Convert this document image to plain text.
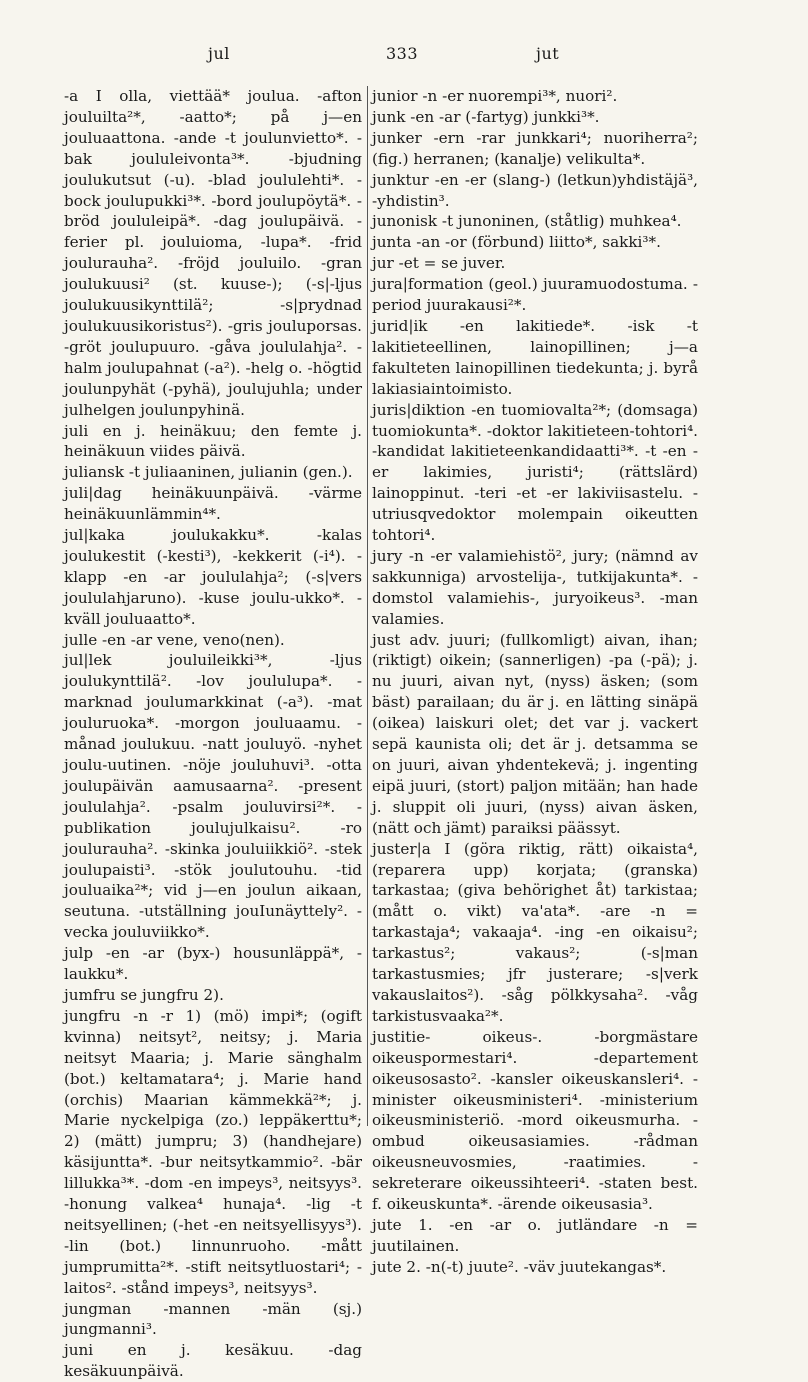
jul	333	jut

-a I olla, viettää* joulua. -afton jouluilta²*, -aatto*; på j—en jouluaattona. -ande -t joulunvietto*. -bak joululeivonta³*. -bjudning joulukutsut (-u). -blad joululehti*. -bock joulupukki³*. -bord joulupöytä*. -bröd joululeipä*. -dag joulupäivä. -ferier pl. jouluioma, -lupa*. -frid joulurauha². -fröjd jouluilo. -gran joulukuusi² (st. kuuse-); (-s|-ljus joulukuusikynttilä²; -s|prydnad joulukuusikoristus²). -gris jouluporsas. -gröt joulupuuro. -gåva joululahja². -halm joulupahnat (-a²). -helg o. -högtid joulunpyhät (-pyhä), joulujuhla; under julhelgen joulunpyhinä.

juli en j. heinäkuu; den femte j. heinäkuun viides päivä.

juliansk -t juliaaninen, julianin (gen.).

juli|dag heinäkuunpäivä. -värme heinäkuunlämmin⁴*.

jul|kaka joulukakku*. -kalas joulukestit (-kesti³), -kekkerit (-i⁴). -klapp -en -ar joululahja²; (-s|vers joululahjaruno). -kuse joulu-ukko*. -kväll jouluaatto*.

julle -en -ar vene, veno(nen).

jul|lek jouluileikki³*, -ljus joulukynttilä². -lov joululupa*. -marknad joulumarkkinat (-a³). -mat jouluruoka*. -morgon jouluaamu. -månad joulukuu. -natt jouluyö. -nyhet joulu-uutinen. -nöje jouluhuvi³. -otta joulupäivän aamusaarna². -present joululahja². -psalm jouluvirsi²*. -publikation joulujulkaisu². -ro joulurauha². -skinka jouluiikkiö². -stek joulupaisti³. -stök joulutouhu. -tid jouluaika²*; vid j—en joulun aikaan, seutuna. -utställning jouIunäyttely². -vecka jouluviikko*.

julp -en -ar (byx-) housunläppä*, -laukku*.

jumfru se jungfru 2).

jungfru -n -r 1) (mö) impi*; (ogift kvinna) neitsyt², neitsy; j. Maria neitsyt Maaria; j. Marie sänghalm (bot.) keltamatara⁴; j. Marie hand (orchis) Maarian kämmekkä²*; j. Marie nyckelpiga (zo.) leppäkerttu*; 2) (mätt) jumpru; 3) (handhejare) käsijuntta*. -bur neitsytkammio². -bär lillukka³*. -dom -en impeys³, neitsyys³. -honung valkea⁴ hunaja⁴. -lig -t neitsyellinen; (-het -en neitsyellisyys³). -lin (bot.) linnunruoho. -mått jumprumitta²*. -stift neitsytluostari⁴; -laitos². -stånd impeys³, neitsyys³.

jungman -mannen -män (sj.) jungmanni³.

juni en j. kesäkuu. -dag kesäkuunpäivä.

junior -n -er nuorempi³*, nuori².

junk -en -ar (-fartyg) junkki³*.

junker -ern -rar junkkari⁴; nuoriherra²; (fig.) herranen; (kanalje) velikulta*.

junktur -en -er (slang-) (letkun)yhdistäjä³, -yhdistin³.

junonisk -t junoninen, (ståtlig) muhkea⁴.

junta -an -or (förbund) liitto*, sakki³*.

jur -et = se juver.

jura|formation (geol.) juuramuodostuma. -period juurakausi²*.

jurid|ik -en lakitiede*. -isk -t lakitieteellinen, lainopillinen; j—a fakulteten lainopillinen tiedekunta; j. byrå lakiasiaintoimisto.

juris|diktion -en tuomiovalta²*; (domsaga) tuomiokunta*. -doktor lakitieteen-tohtori⁴. -kandidat lakitieteenkandidaatti³*. -t -en -er lakimies, juristi⁴; (rättslärd) lainoppinut. -teri -et -er lakiviisastelu. -utriusqvedoktor molempain oikeutten tohtori⁴.

jury -n -er valamiehistö², jury; (nämnd av sakkunniga) arvostelija-, tutkijakunta*. -domstol valamiehis-, juryoikeus³. -man valamies.

just adv. juuri; (fullkomligt) aivan, ihan; (riktigt) oikein; (sannerligen) -pa (-pä); j. nu juuri, aivan nyt, (nyss) äsken; (som bäst) parailaan; du är j. en lätting sinäpä (oikea) laiskuri olet; det var j. vackert sepä kaunista oli; det är j. detsamma se on juuri, aivan yhdentekevä; j. ingenting eipä juuri, (stort) paljon mitään; han hade j. sluppit oli juuri, (nyss) aivan äsken, (nätt och jämt) paraiksi päässyt.

juster|a I (göra riktig, rätt) oikaista⁴, (reparera upp) korjata; (granska) tarkastaa; (giva behörighet åt) tarkistaa; (mått o. vikt) va'ata*. -are -n = tarkastaja⁴; vakaaja⁴. -ing -en oikaisu²; tarkastus²; vakaus²; (-s|man tarkastusmies; jfr justerare; -s|verk vakauslaitos²). -såg pölkkysaha². -våg tarkistusvaaka²*.

justitie- oikeus-. -borgmästare oikeuspormestari⁴. -departement oikeusosasto². -kansler oikeuskansleri⁴. -minister oikeusministeri⁴. -ministerium oikeusministeriö. -mord oikeusmurha. -ombud oikeusasiamies. -rådman oikeusneuvosmies, -raatimies. -sekreterare oikeussihteeri⁴. -staten best. f. oikeuskunta*. -ärende oikeusasia³.

jute 1. -en -ar o. jutländare -n = juutilainen.

jute 2. -n(-t) juute². -väv juutekangas*.
